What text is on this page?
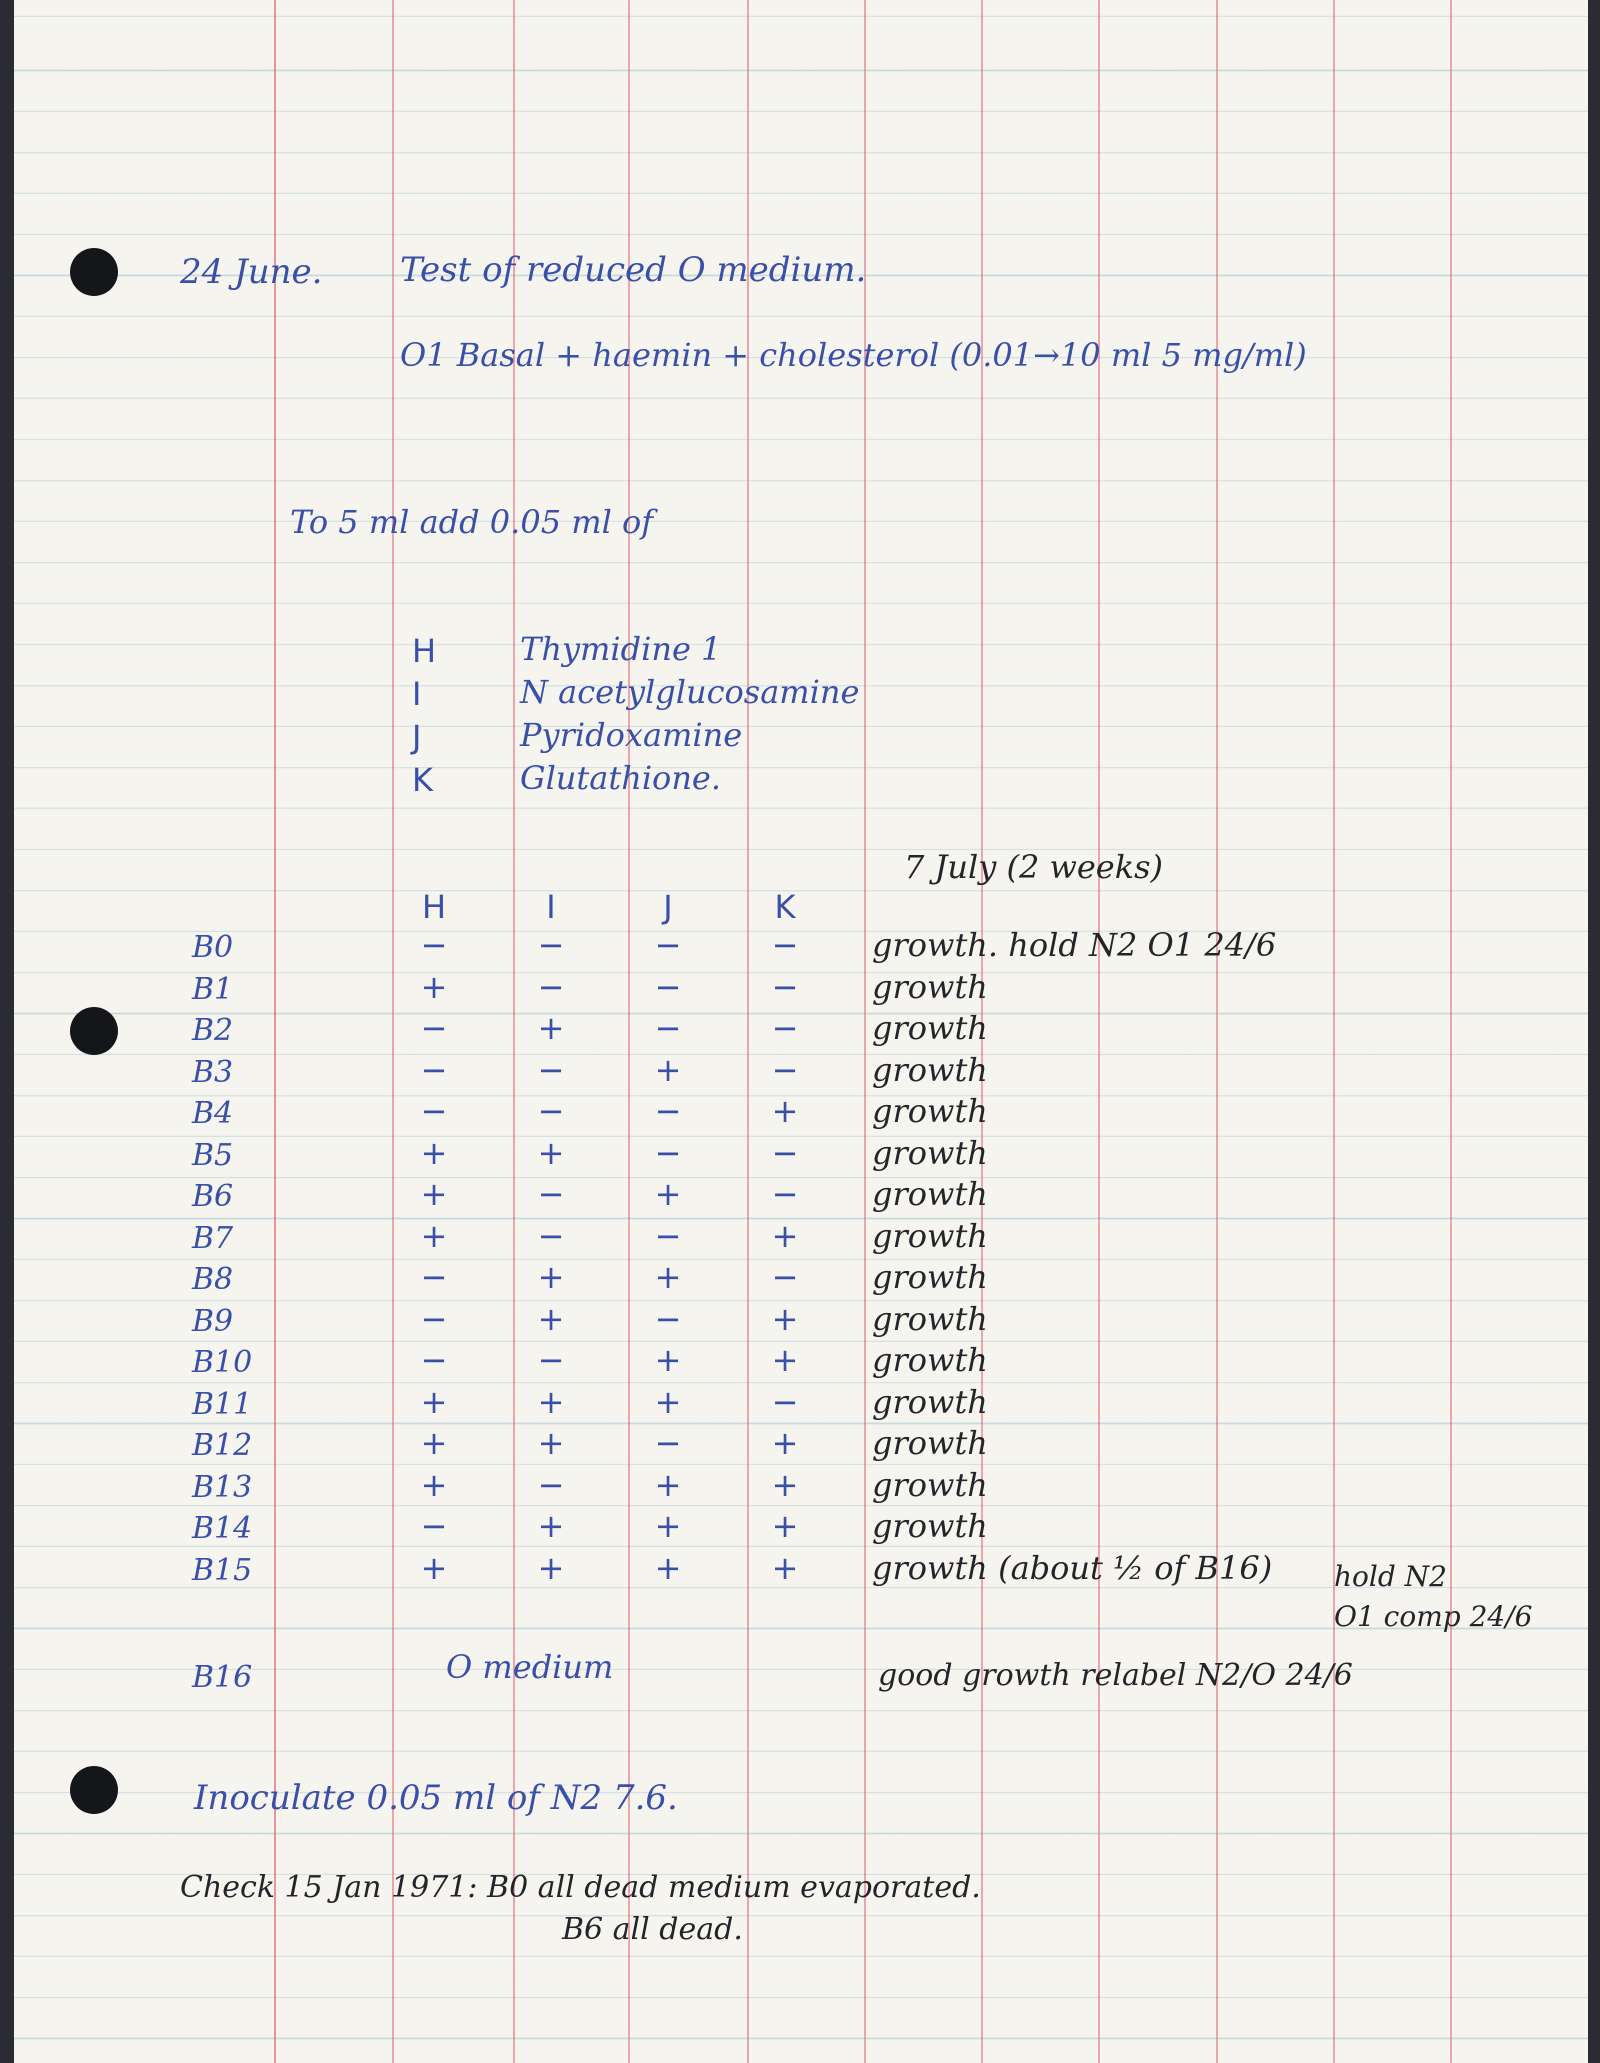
24 June. Test of reduced O medium.
O1 Basal + haemin + cholesterol (0.01→10 ml 5 mg/ml)
To 5 ml add 0.05 ml of
H	Thymidine 1
I	N acetylglucosamine
J	Pyridoxamine
K	Glutathione.
7 July (2 weeks)
H	I	J	K
B0	−	−	−	− growth. hold N2 O1 24/6
B1	+	−	−	− growth
B2	−	+	−	− growth
B3	−	−	+	− growth
B4	−	−	−	+ growth
B5	+	+	−	− growth
B6	+	−	+	− growth
B7	+	−	−	+ growth
B8	−	+	+	− growth
B9	−	+	−	+ growth
B10	−	−	+	+ growth
B11	+	+	+	− growth
B12	+	+	−	+ growth
B13	+	−	+	+ growth
B14	−	+	+	+ growth
B15	+	+	+	+ growth (about ½ of B16) hold N2
O1 comp 24/6
B16	O medium	good growth relabel N2/O 24/6
Inoculate 0.05 ml of N2 7.6.
Check 15 Jan 1971: B0 all dead medium evaporated.
B6 all dead.
